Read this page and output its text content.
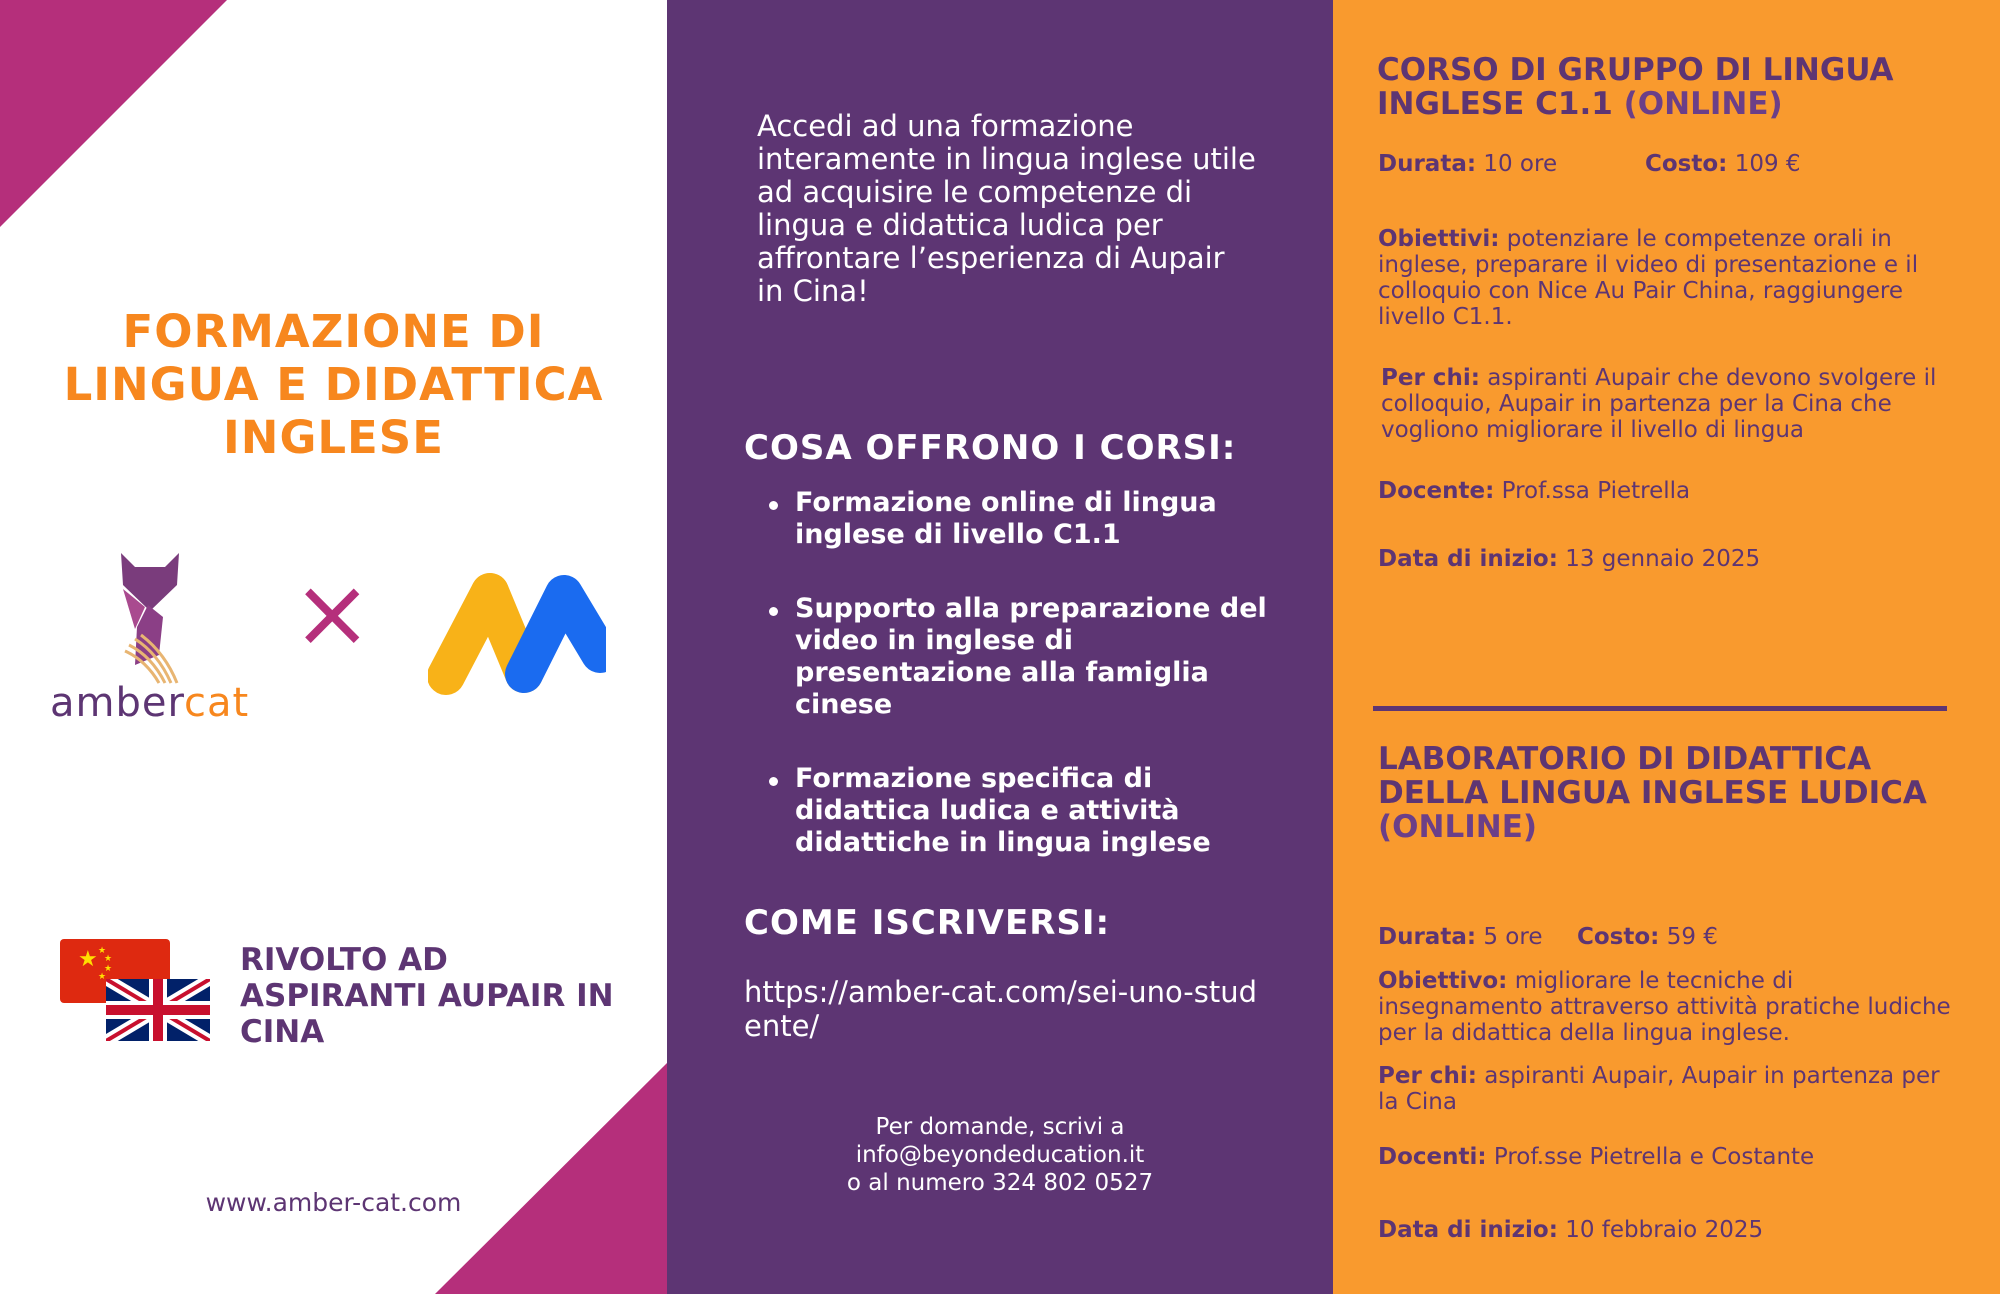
FORMAZIONE DI LINGUA E DIDATTICA INGLESE
ambercat
×
★ ★
★
★
★	RIVOLTO AD ASPIRANTI AUPAIR IN CINA

www.amber-cat.com

Accedi ad una formazione interamente in lingua inglese utile ad acquisire le competenze di lingua e didattica ludica per affrontare l’esperienza di Aupair in Cina!

COSA OFFRONO I CORSI:
Formazione online di lingua inglese di livello C1.1
Supporto alla preparazione del video in inglese di presentazione alla famiglia cinese
Formazione specifica di didattica ludica e attività didattiche in lingua inglese
COME ISCRIVERSI:
https://amber-cat.com/sei-uno-studente/
Per domande, scrivi a
info@beyondeducation.it
o al numero 324 802 0527
CORSO DI GRUPPO DI LINGUA INGLESE C1.1 (ONLINE)
Durata: 10 ore	Costo: 109 €
Obiettivi: potenziare le competenze orali in inglese, preparare il video di presentazione e il colloquio con Nice Au Pair China, raggiungere livello C1.1.
Per chi: aspiranti Aupair che devono svolgere il colloquio, Aupair in partenza per la Cina che vogliono migliorare il livello di lingua
Docente: Prof.ssa Pietrella
Data di inizio: 13 gennaio 2025
LABORATORIO DI DIDATTICA DELLA LINGUA INGLESE LUDICA (ONLINE)
Durata: 5 ore Costo: 59 €
Obiettivo: migliorare le tecniche di insegnamento attraverso attività pratiche ludiche per la didattica della lingua inglese.
Per chi: aspiranti Aupair, Aupair in partenza per la Cina
Docenti: Prof.sse Pietrella e Costante
Data di inizio: 10 febbraio 2025
